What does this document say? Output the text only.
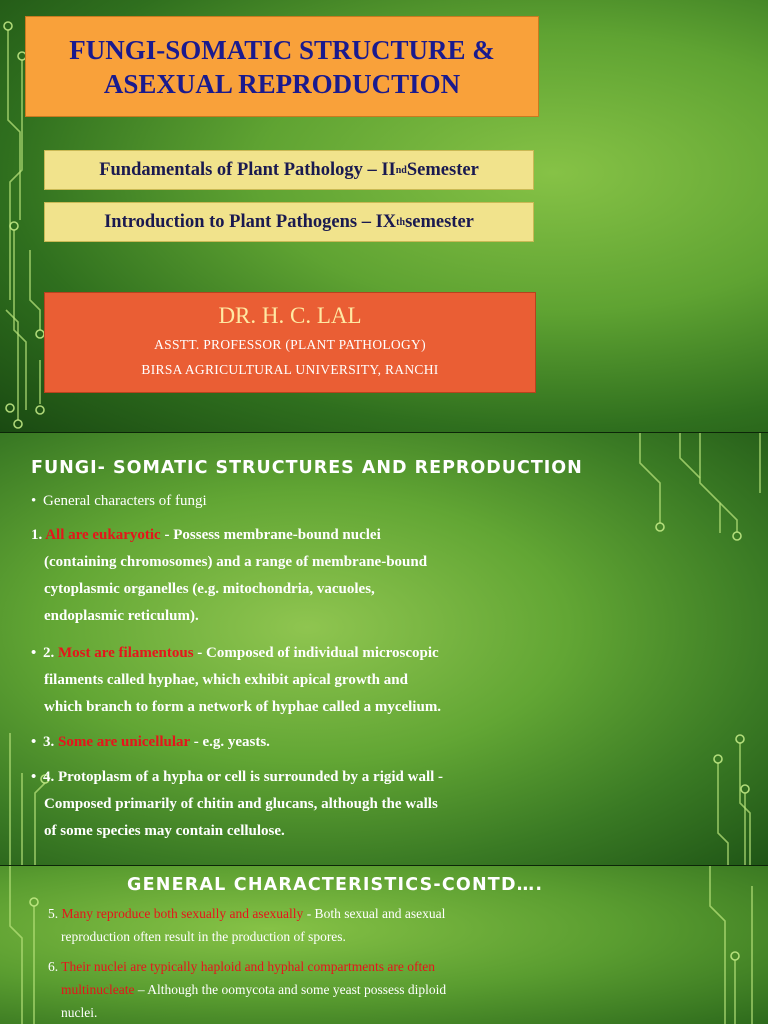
FUNGI-SOMATIC STRUCTURE &
ASEXUAL REPRODUCTION
Fundamentals of Plant Pathology – II nd Semester
Introduction to Plant Pathogens – IX th semester
DR. H. C. LAL
ASSTT. PROFESSOR (PLANT PATHOLOGY)
BIRSA AGRICULTURAL UNIVERSITY, RANCHI
FUNGI- SOMATIC STRUCTURES AND REPRODUCTION
• General characters of fungi
1. All are eukaryotic - Possess membrane-bound nuclei
(containing chromosomes) and a range of membrane-bound
cytoplasmic organelles (e.g. mitochondria, vacuoles,
endoplasmic reticulum).
• 2. Most are filamentous - Composed of individual microscopic
filaments called hyphae, which exhibit apical growth and
which branch to form a network of hyphae called a mycelium.
• 3. Some are unicellular - e.g. yeasts.
• 4. Protoplasm of a hypha or cell is surrounded by a rigid wall -
Composed primarily of chitin and glucans, although the walls
of some species may contain cellulose.
GENERAL CHARACTERISTICS-CONTD….
5. Many reproduce both sexually and asexually - Both sexual and asexual
reproduction often result in the production of spores.
6. Their nuclei are typically haploid and hyphal compartments are often
multinucleate – Although the oomycota and some yeast possess diploid
nuclei.
